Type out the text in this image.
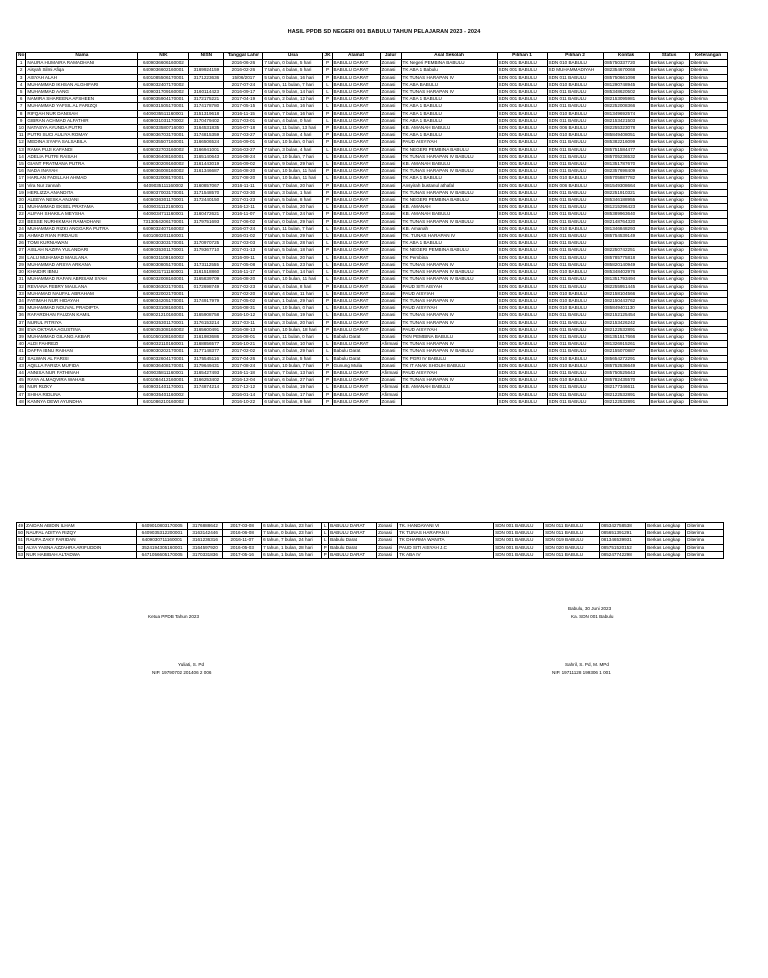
HASIL PPDB SD NEGERI 001 BABULU TAHUN PELAJARAN 2023 - 2024
No	Nama	NIK	NISN	Tanggal Lahir	Usia	JK	Alamat	Jalur	Asal Sekolah	Pilihan 1	Pilihan 2	Kontak	Status	Keterangan
1	NAURA HUMAIRA RAMADHANI	6409036606160002		2016-06-26	7 tahun, 0 bulan, 5 hari	P	BABULU DARAT	Zonasi	TK Negeri PEMBINA BABULU	SDN 001 BABULU	SDN 010 BABULU	085750337720	Berkas Lengkap	Diterima
2	Aisyah Silmi Afiqa	6409036602160001	3169924159	2016-02-26	7 tahun, 4 bulan, 5 hari	P	BABULU DARAT	Zonasi	TK ABA 1 Babulu	SDN 001 BABULU	SD MUHAMMADIYAH	082354670068	Berkas Lengkap	Diterima
3	AISYAH ALAH	6401085506170001	3171223636	15/06/2017	5 tahun, 0 bulan, 16 hari	P	BABULU DARAT	Zonasi	TK TUNAS HARAPAN IV	SDN 001 BABULU	SDN 011 BABULU	085750661098	Berkas Lengkap	Diterima
4	MUHAMMAD IKHSAN ALGHIFARI	6409032407170002		2017-07-24	5 tahun, 11 bulan, 7 hari	L	BABULU DARAT	Zonasi	TK ABA BABULU	SDN 001 BABULU	SDN 010 BABULU	081290748945	Berkas Lengkap	Diterima
5	MUHAMMAD AANG	6409031709160002	3160114423	2016-09-17	6 tahun, 9 bulan, 14 hari	L	BABULU DARAT	Zonasi	TK TUNAS HARAPAN IV	SDN 001 BABULU	SDN 011 BABULU	085348620502	Berkas Lengkap	Diterima
6	NAMIRA SHAREENA AFSHEEN	6409035904170001	3172175221	2017-04-19	6 tahun, 2 bulan, 12 hari	P	BABULU DARAT	Zonasi	TK ABA 1 BABULU	SDN 001 BABULU	SDN 011 BABULU	082153095981	Berkas Lengkap	Diterima
7	MUHAMMAD YAFSIL AL FARIZQI	6409031505170001	3174178780	2017-05-15	6 tahun, 1 bulan, 16 hari	L	BABULU DARAT	Zonasi	TK ABA 1 BABULU	SDN 001 BABULU	SDN 011 BABULU	082252008366	Berkas Lengkap	Diterima
8	RIFQAH NUR DANISAH	6409035511160001	3151319618	2016-11-15	6 tahun, 7 bulan, 16 hari	P	BABULU DARAT	Zonasi	TK ABA 1 BABULU	SDN 001 BABULU	SDN 010 BABULU	081349692574	Berkas Lengkap	Diterima
9	GIBRAN ACHMAD ALFATHIR	6409031031170002	3170479402	2017-03-01	6 tahun, 4 bulan, 0 hari	L	BABULU DARAT	Zonasi	TK ABA 1 BABULU	SDN 001 BABULU	SDN 011 BABULU	082153421503	Berkas Lengkap	Diterima
10	NATASYA AYUNDA PUTRI	6409033580716000	3164531835	2016-07-18	6 tahun, 11 bulan, 13 hari	P	BABULU DARAT	Zonasi	KB. AMANAH BABULU	SDN 001 BABULU	SDN 006 BABULU	082255323078	Berkas Lengkap	Diterima
11	PUTRI SUCI AULIYA ROMAY	6409036703170001	3174815359	2017-03-27	6 tahun, 3 bulan, 4 hari	P	BABULU DARAT	Zonasi	TK ABA 1 BABULU	SDN 001 BABULU	SDN 010 BABULU	085849408051	Berkas Lengkap	Diterima
12	MEDINA SYAFA SALSABILA	6409035507160001	3166506524	2016-09-01	6 tahun, 10 bulan, 0 hari	P	BABULU DARAT	Zonasi	PAUD AISYIYAH	SDN 001 BABULU	SDN 011 BABULU	085382216099	Berkas Lengkap	Diterima
13	RAMA PUJI KAFANDI	6409032703160002	3166941001	2016-03-27	7 tahun, 3 bulan, 4 hari	L	BABULU DARAT	Zonasi	TK NEGERI PEMBINA BABULU	SDN 001 BABULU	SDN 011 BABULU	085751584477	Berkas Lengkap	Diterima
14	ADELIA PUTRI RAISAH	6409036408160001	3165140643	2016-08-24	6 tahun, 10 bulan, 7 hari	L	BABULU DARAT	Zonasi	TK TUNAS HARAPAN IV BABULU	SDN 001 BABULU	SDN 011 BABULU	085705236532	Berkas Lengkap	Diterima
15	GIANT PRATMANA PUTRA	6409030209160002	3161443019	2016-09-02	6 tahun, 9 bulan, 29 hari	L	BABULU DARAT	Zonasi	KB. AMANAH BABULU	SDN 001 BABULU	SDN 011 BABULU	081351787670	Berkas Lengkap	Diterima
16	NADA INAYAH	6409036008160002	3161346687	2016-08-20	6 tahun, 10 bulan, 11 hari	P	BABULU DARAT	Zonasi	TK TUNAS HARAPAN IV BABULU	SDN 001 BABULU	SDN 011 BABULU	082357698409	Berkas Lengkap	Diterima
17	HARLAN FADILLAH AHMAD	6409032008170001		2017-08-20	5 tahun, 10 bulan, 11 hari	L	BABULU DARAT	Zonasi	TK ABA 1 BABULU	SDN 001 BABULU	SDN 010 BABULU	085705887782	Berkas Lengkap	Diterima
18	Vira Nur zannah	6409035111160002	3160857067	2016-11-11	6 tahun, 7 bulan, 20 hari	P	BABULU DARAT	Zonasi	Ansyirah bustanul athafal	SDN 001 BABULU	SDN 006 BABULU	081549308664	Berkas Lengkap	Diterima
19	HERLIZZA ANANDITA	6409037003170001	3171548570	2017-03-30	6 tahun, 3 bulan, 1 hari	P	BABULU DARAT	Zonasi	TK TUNAS HARAPAN IV BABULU	SDN 001 BABULU	SDN 011 BABULU	082251910321	Berkas Lengkap	Diterima
20	ALEEYA NESKA ANJANI	6409036301170001	3172440150	2017-01-23	6 tahun, 5 bulan, 8 hari	P	BABULU DARAT	Zonasi	TK NEGERI PEMBINA BABULU	SDN 001 BABULU	SDN 011 BABULU	085346188955	Berkas Lengkap	Diterima
21	MUHAMMAD EKSEL PRATAMA	6409031112160001		2016-12-11	6 tahun, 6 bulan, 20 hari	L	BABULU DARAT	Zonasi	KB. AMANAH	SDN 001 BABULU	SDN 011 BABULU	081215296423	Berkas Lengkap	Diterima
22	ALIFAH SHAKILA MEYSHA	6409034711160001	3160472621	2016-11-07	6 tahun, 7 bulan, 24 hari	P	BABULU DARAT	Zonasi	KB. AMANAH BABULU	SDN 001 BABULU	SDN 011 BABULU	085389963640	Berkas Lengkap	Diterima
23	BESSE NURHIKMAH RAMADHANI	7313054206170001	3179751693	2017-06-02	6 tahun, 0 bulan, 29 hari	P	BABULU DARAT	Zonasi	TK TUNAS HARAPAN IV BABULU	SDN 001 BABULU	SDN 011 BABULU	082148764320	Berkas Lengkap	Diterima
24	MUHAMMAD RIZKI ANGGARA PUTRA	6409032407160002		2016-07-24	6 tahun, 11 bulan, 7 hari	L	BABULU DARAT	Zonasi	KB. Amanah	SDN 001 BABULU	SDN 010 BABULU	081346848293	Berkas Lengkap	Diterima
25	AHMAD RIAN FIRDAUS	6401080201160001		2016-01-02	7 tahun, 5 bulan, 29 hari	L	BABULU DARAT	Zonasi	TK. TUNAS HARAPAN IV	SDN 001 BABULU	SDN 011 BABULU	085754539149	Berkas Lengkap	Diterima
26	TOMI KURNIAWAN	6409030303170001	3170970725	2017-03-03	6 tahun, 3 bulan, 28 hari	L	BABULU DARAT	Zonasi	TK ABA 1 BABULU	SDN 001 BABULU	SDN 011 BABULU		Berkas Lengkap	Diterima
27	AISLAH NAZIFA YULANDARI	6409035301170001	3179367710	2017-01-13	6 tahun, 5 bulan, 18 hari	P	BABULU DARAT	Zonasi	TK NEGERI PEMBINA BABULU	SDN 001 BABULU	SDN 011 BABULU	082250742251	Berkas Lengkap	Diterima
28	LALU MUHAMAD MAULANA	6409031109160002		2016-09-11	6 tahun, 9 bulan, 20 hari	L	BABULU DARAT	Zonasi	TK Pembina	SDN 001 BABULU	SDN 011 BABULU	085785775818	Berkas Lengkap	Diterima
29	MUHAMMAD ARSYA ARKANA	6409030805170001	3173112555	2017-05-08	6 tahun, 1 bulan, 23 hari	L	BABULU DARAT	Zonasi	TK TUNAS HARAPAN IV	SDN 001 BABULU	SDN 011 BABULU	085820140949	Berkas Lengkap	Diterima
30	KHAIDIR IBNU	6409031711160001	3161518860	2016-11-17	6 tahun, 7 bulan, 14 hari	L	BABULU DARAT	Zonasi	TK TUNAS HARAPAN IV BABULU	SDN 001 BABULU	SDN 010 BABULU	085348402976	Berkas Lengkap	Diterima
31	MUHAMMAD RAFAN ABRISAM SYAH	6409032008160001	3165839709	2016-08-20	6 tahun, 10 bulan, 11 hari	L	BABULU DARAT	Zonasi	TK TUNAS HARAPAN IV BABULU	SDN 001 BABULU	SDN 011 BABULU	081351793494	Berkas Lengkap	Diterima
32	REVIANA FEBRY MAULANA	6409036302170001	0172698749	2017-02-23	6 tahun, 4 bulan, 8 hari	P	BABULU DARAT	Zonasi	PAUD SITI AISYAH	SDN 001 BABULU	SDN 011 BABULU	082255951445	Berkas Lengkap	Diterima
33	MUHAMAD NAUFAL ABRAHAM	6409032002170001		2017-02-20	6 tahun, 4 bulan, 11 hari	L	BABULU DARAT	Zonasi	PAUD AISYIAH	SDN 001 BABULU	SDN 010 BABULU	082158104566	Berkas Lengkap	Diterima
34	FATIMAH NUR HIDAYAH	6409034205170001	3174917979	2017-05-02	6 tahun, 1 bulan, 29 hari	P	BABULU DARAT	Zonasi	TK TUNAS HARAPAN IV	SDN 001 BABULU	SDN 010 BABULU	082150443762	Berkas Lengkap	Diterima
35	MUHAMMAD NOUVAL PRADIPTA	6409033108160001		2016-08-31	6 tahun, 10 bulan, 0 hari	L	BABULU DARAT	Zonasi	PAUD AISYIYAH	SDN 001 BABULU	SDN 010 BABULU	085849401130	Berkas Lengkap	Diterima
36	RAFARDHAN FAUZAN KAMIL	6409021210160001	3165908758	2016-10-12	6 tahun, 8 bulan, 19 hari	L	BABULU DARAT	Zonasi	TK TUNAS HARAPAN IV	SDN 001 BABULU	SDN 011 BABULU	082152125454	Berkas Lengkap	Diterima
37	NURUL FITRIYA	6409035301170001	3176153214	2017-03-11	6 tahun, 3 bulan, 20 hari	P	BABULU DARAT	Zonasi	TK TUNAS HARAPAN IV	SDN 001 BABULU	SDN 011 BABULU	082153426242	Berkas Lengkap	Diterima
38	EVA OKTAVIA AGUSTINA	6409035308160002	3165600491	2016-08-13	6 tahun, 10 bulan, 18 hari	P	BABULU DARAT	Zonasi	PAUD AISYIYAH	SDN 001 BABULU	SDN 011 BABULU	082122532891	Berkas Lengkap	Diterima
39	MUHAMMAD GILANG AKBAR	6401050108160002	3161983686	2016-08-01	6 tahun, 11 bulan, 0 hari	L	Babulu Darat	Zonasi	TKN PEMBINA BABULU	SDN 001 BABULU	SDN 011 BABULU	081351517666	Berkas Lengkap	Diterima
40	ALDI FAHREZI	6409032110160001	3168856577	2016-10-21	6 tahun, 8 bulan, 10 hari	L	BABULU DARAT	Afirmasi	TK TUNAS HARAPAN IV	SDN 001 BABULU	SDN 011 BABULU	081326915261	Berkas Lengkap	Diterima
41	DAFFA IBNU RAIHAN	6409030202170001	3177148377	2017-02-02	6 tahun, 4 bulan, 29 hari	L	Babulu Darat	Zonasi	TK TUNAS HARAPAN IV BABULU	SDN 001 BABULU	SDN 011 BABULU	082155070887	Berkas Lengkap	Diterima
42	SALWAN AL FARISI	6409032604170001	3175545116	2017-04-26	6 tahun, 2 bulan, 5 hari	L	Babulu Darat	Zonasi	TK PGRI IV BABULU	SDN 001 BABULU	SDN 010 BABULU	085654272291	Berkas Lengkap	Diterima
43	AQILLA FARIZA MUFIDA	6409036408170001	3179649431	2017-08-24	5 tahun, 10 bulan, 7 hari	P	Gunung Mulia	Zonasi	TK IT ANAK SHOLIH BABULU	SDN 001 BABULU	SDN 010 BABULU	085752536649	Berkas Lengkap	Diterima
44	ANNISA NUR FATHINAH	6409035811160001	3165427493	2016-11-18	6 tahun, 7 bulan, 13 hari	P	BABULU DARAT	Afirmasi	PAUD AISYIYAH	SDN 001 BABULU	SDN 011 BABULU	085750525643	Berkas Lengkap	Diterima
45	RAYA ALMAQVIRA WAHAB	6401084412160001	3166253402	2016-12-04	6 tahun, 6 bulan, 27 hari	P	BABULU DARAT	Zonasi	TK TUNAS HARAPAN IV	SDN 001 BABULU	SDN 010 BABULU	085782435570	Berkas Lengkap	Diterima
46	NUR RIZKY	6409031401170001	3174874214	2017-12-12	5 tahun, 6 bulan, 19 hari	L	BABULU DARAT	Afirmasi	KB. AMANAH BABULU	SDN 001 BABULU	SDN 011 BABULU	082177346611	Berkas Lengkap	Diterima
47	SHIHA RIDLINA	6409035401160002		2016-01-14	7 tahun, 5 bulan, 17 hari	P	BABULU DARAT	Afirmasi		SDN 001 BABULU	SDN 011 BABULU	082122532891	Berkas Lengkap	Diterima
48	KANNYA DEWI AYUNDHA	6401086210160002		2016-10-22	6 tahun, 8 bulan, 9 hari	P	BABULU DARAT	Zonasi		SDN 001 BABULU	SDN 011 BABULU	082122532891	Berkas Lengkap	Diterima
49	ZAIDAN ABIDIN ILHAM	6409010803170005	3176888642	2017-03-08	6 tahun, 3 bulan, 23 hari	L	BABULU DARAT	Zonasi	TK. HANDAYANI VI	SDN 001 BABULU	SDN 011 BABULU	085342758538	Berkas Lengkap	Diterima
50	NAUFAL ADITYA RIZQY	6409035312200001	3163142446	2016-06-08	7 tahun, 0 bulan, 23 hari	L	BABULU DARAT	Zonasi	TK TUNAS HARAPAN II	SDN 001 BABULU	SDN 011 BABULU	085651391291	Berkas Lengkap	Diterima
51	RAUFA ZAKY FARIDAN	6409030711160001	3161236316	2016-11-07	6 tahun, 7 bulan, 24 hari	L	Babulu Darat	Zonasi	TK DHARMA WANITA	SDN 001 BABULU	SDN 019 BABULU	081346539931	Berkas Lengkap	Diterima
52	ALYA YASNA AZZAHRA ARIFUDDIN	3524194305160001	3164597920	2016-05-03	7 tahun, 1 bulan, 28 hari	P	Babulu Darat	Zonasi	PAUD SITI AISYAH J.C	SDN 001 BABULU	SDN 020 BABULU	085751520152	Berkas Lengkap	Diterima
53	NUR HABIBAH ALTADWA	6471056605170005	3170331836	2017-05-16	6 tahun, 1 bulan, 15 hari	P	BABULU DARAT	Zonasi	TK ABA IV	SDN 001 BABULU	SDN 011 BABULU	085247742298	Berkas Lengkap	Diterima
Ketua PPDB Tahun 2023
Babulu, 30 Juni 2023
Ka. SDN 001 Babulu
Yuliati, S. Pd
NIP. 19790702 201406 2 006
Sahril, S. Pd, M. MPd
NIP. 19711128 199306 1 001
